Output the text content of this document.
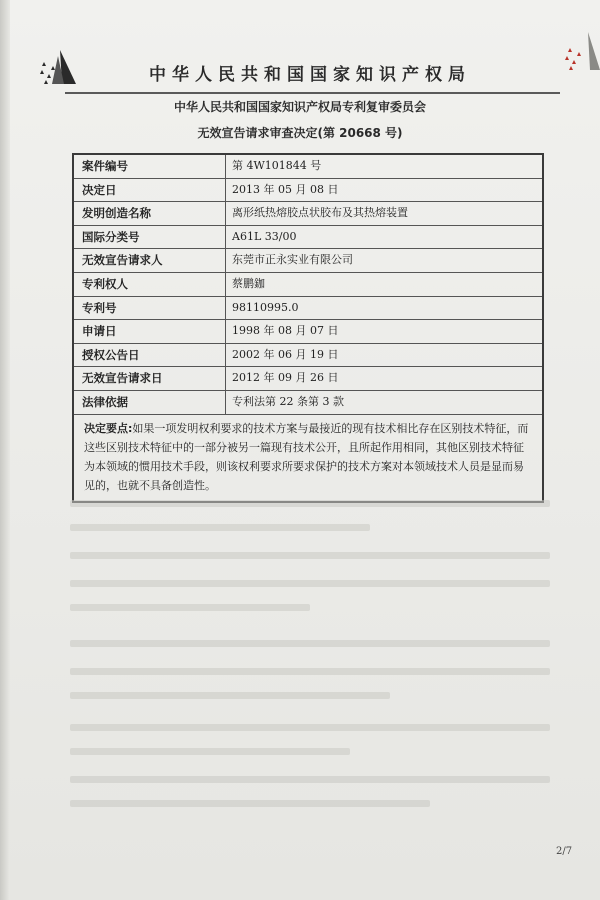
中华人民共和国国家知识产权局
中华人民共和国国家知识产权局专利复审委员会
无效宣告请求审查决定(第 20668 号)
案件编号	第 4W101844 号
决定日	2013 年 05 月 08 日
发明创造名称	离形纸热熔胶点状胶布及其热熔装置
国际分类号	A61L 33/00
无效宣告请求人	东莞市正永实业有限公司
专利权人	蔡鹏鉫
专利号	98110995.0
申请日	1998 年 08 月 07 日
授权公告日	2002 年 06 月 19 日
无效宣告请求日	2012 年 09 月 26 日
法律依据	专利法第 22 条第 3 款
决定要点:如果一项发明权利要求的技术方案与最接近的现有技术相比存在区别技术特征，而这些区别技术特征中的一部分被另一篇现有技术公开，且所起作用相同，其他区别技术特征为本领域的惯用技术手段，则该权利要求所要求保护的技术方案对本领域技术人员是显而易见的，也就不具备创造性。
2/7
